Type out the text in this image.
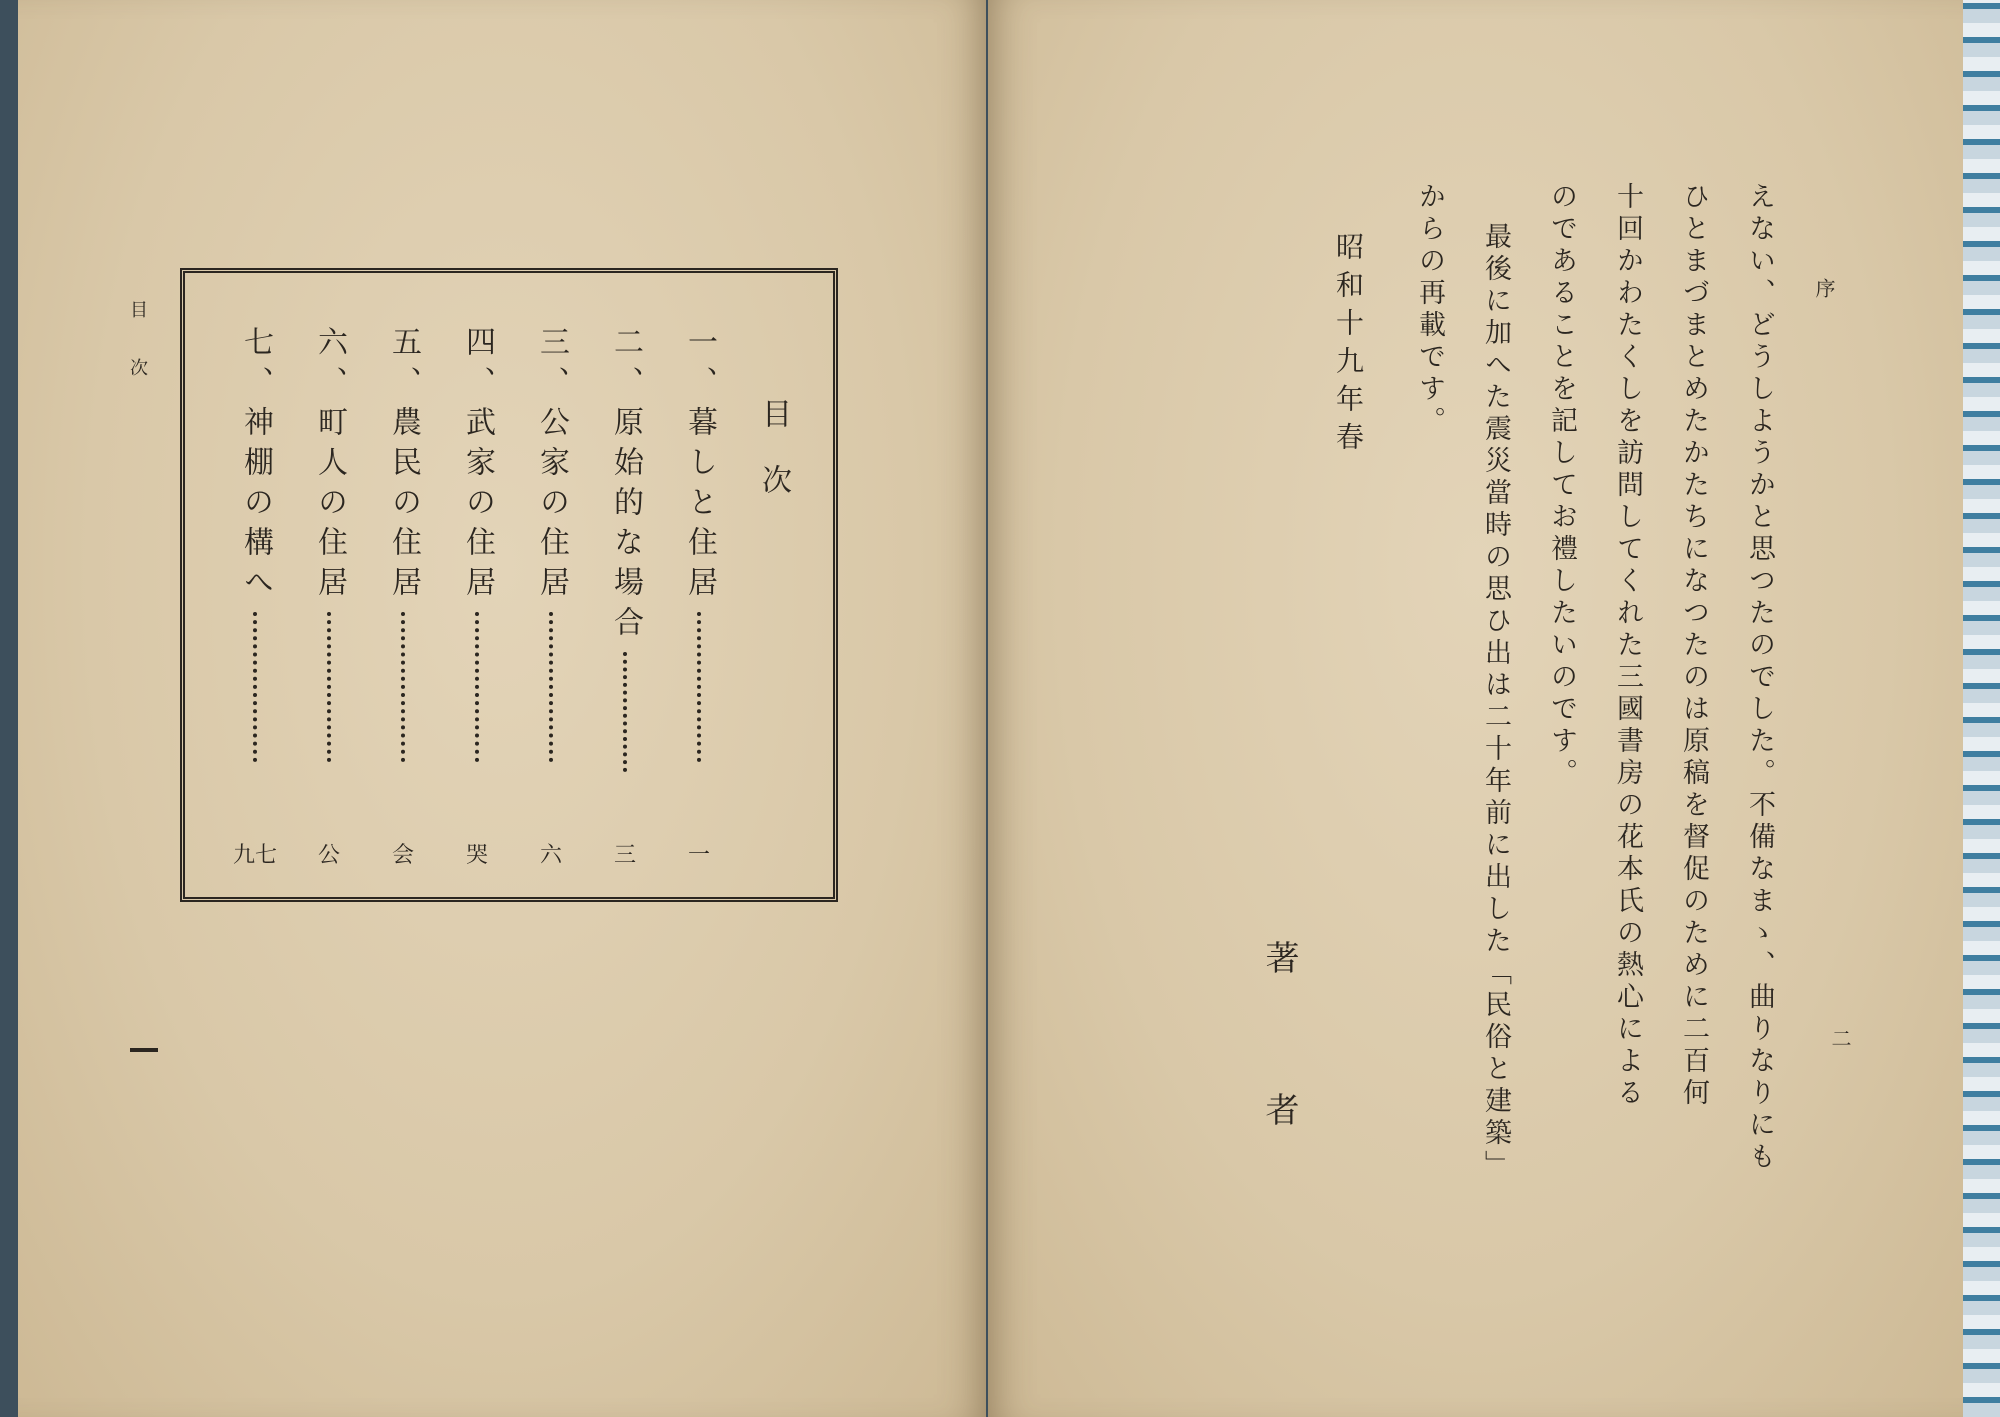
目次
目次
一、暮しと住居
二、原始的な場合
三、公家の住居
四、武家の住居
五、農民の住居
六、町人の住居
七、神棚の構へ
一
三
六
哭
会
公
九七
序
二
えない、どうしようかと思つたのでした。不備なまゝ、曲りなりにも
ひとまづまとめたかたちになつたのは原稿を督促のために二百何
十回かわたくしを訪問してくれた三國書房の花本氏の熱心による
のであることを記してお禮したいのです。
最後に加へた震災當時の思ひ出は二十年前に出した「民俗と建築」
からの再載です。
昭和十九年春
著
者
